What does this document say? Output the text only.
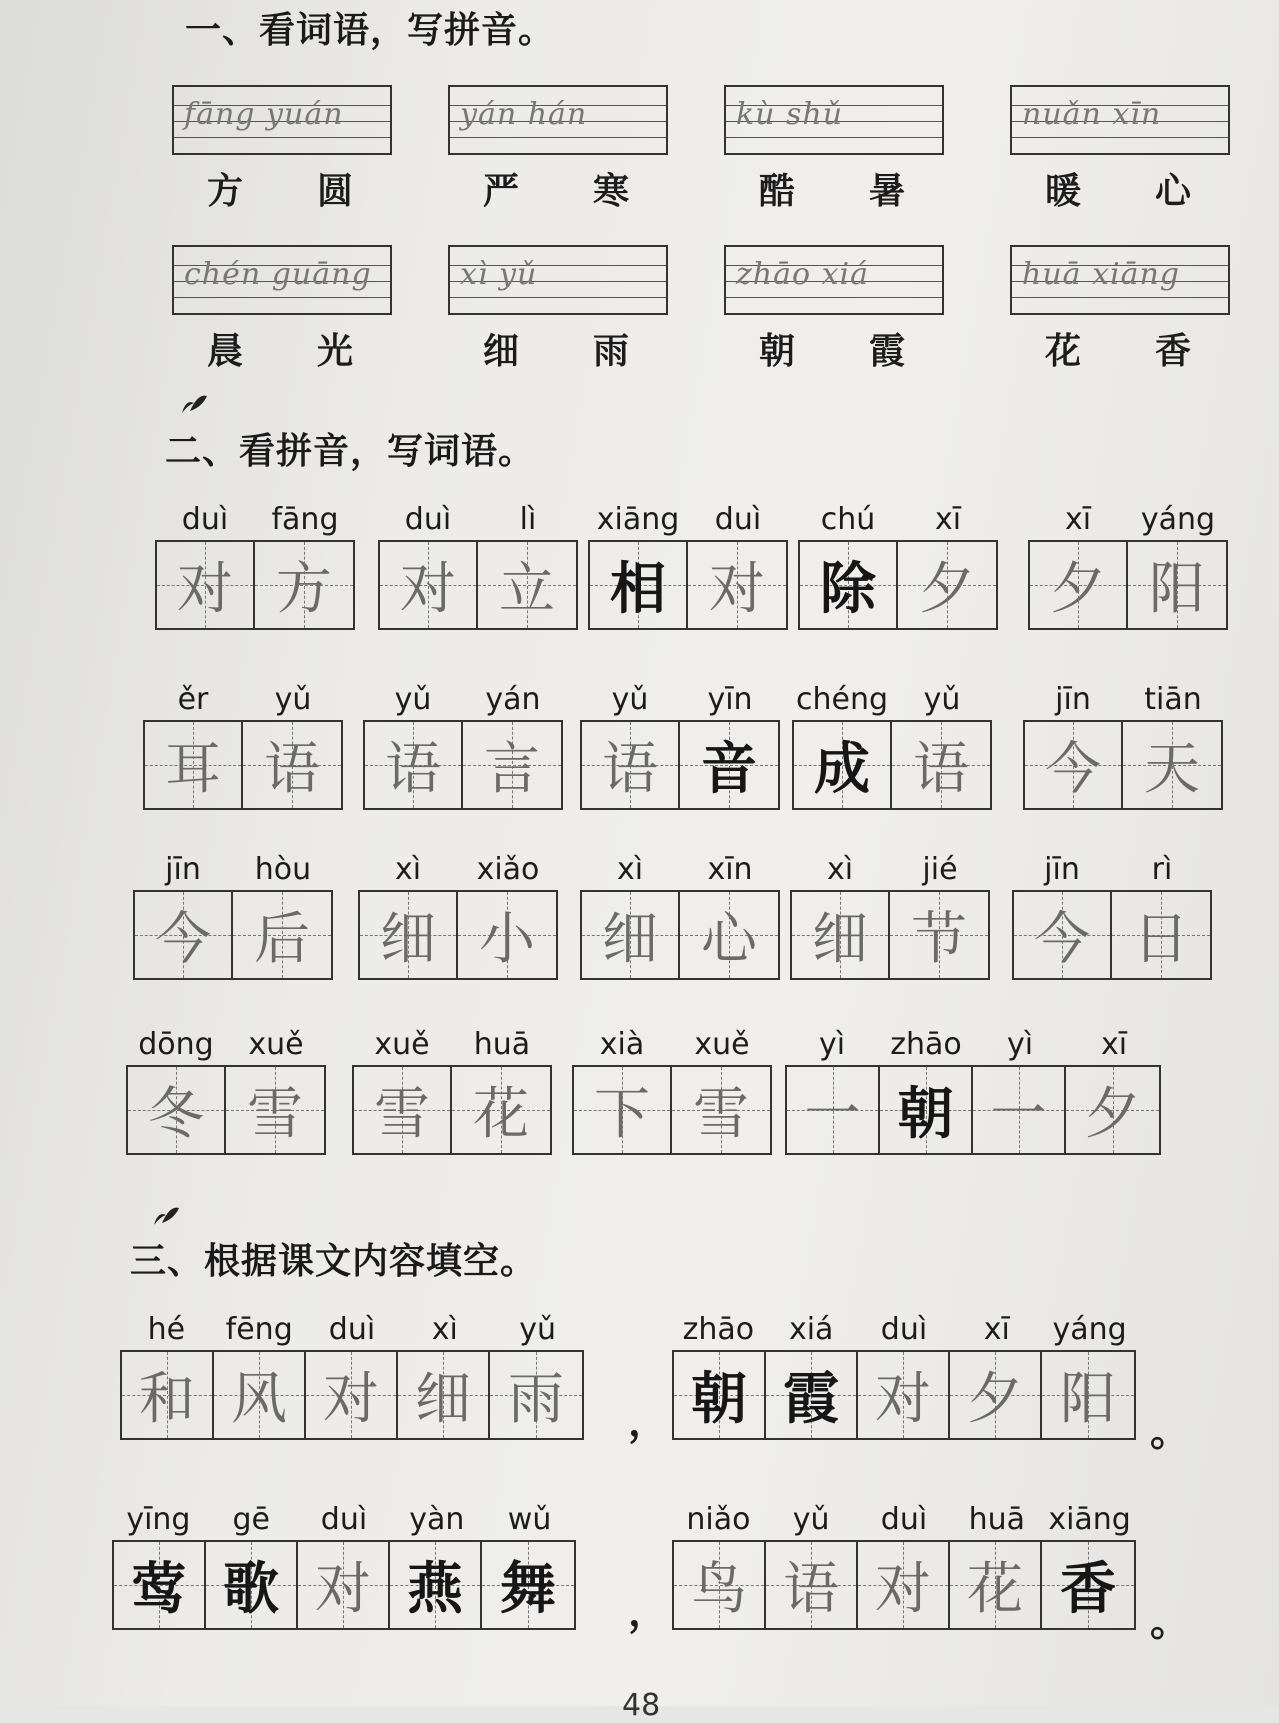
一、看词语，写拼音。
fāng yuán
方 圆
yán hán
严 寒
kù shǔ
酷 暑
nuǎn xīn
暖 心
chén guāng
晨 光
xì yǔ
细 雨
zhāo xiá
朝 霞
huā xiāng
花 香
二、看拼音，写词语。
duì	fāng
对 方
duì	lì
对 立
xiāng	duì
相 对
chú	xī
除 夕
xī	yáng
夕 阳
ěr	yǔ
耳 语
yǔ	yán
语 言
yǔ	yīn
语 音
chéng	yǔ
成 语
jīn	tiān
今 天
jīn	hòu
今 后
xì	xiǎo
细 小
xì	xīn
细 心
xì	jié
细 节
jīn	rì
今 日
dōng	xuě
冬 雪
xuě	huā
雪 花
xià	xuě
下 雪
yì	zhāo	yì	xī
一 朝 一 夕
三、根据课文内容填空。
hé	fēng	duì	xì	yǔ
和 风 对 细 雨
zhāo	xiá	duì	xī	yáng
朝 霞 对 夕 阳
，	。
yīng	gē	duì	yàn	wǔ
莺 歌 对 燕 舞
niǎo	yǔ	duì	huā xiāng
鸟 语 对 花 香
，	。
48
